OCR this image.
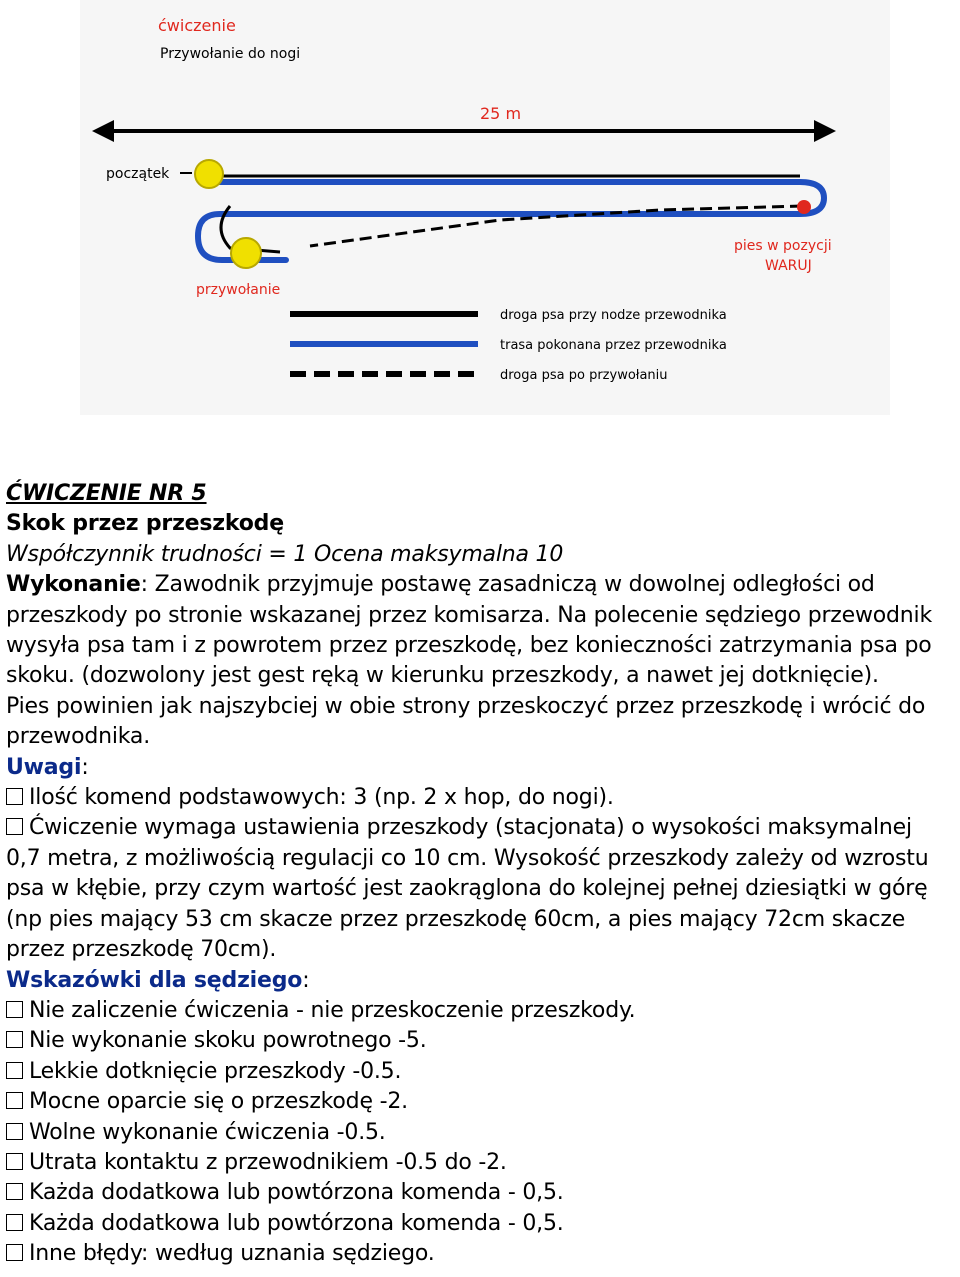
ćwiczenie
Przywołanie do nogi
25 m
początek
przywołanie
pies w pozycji
WARUJ
droga psa przy nodze przewodnika
trasa pokonana przez przewodnika
droga psa po przywołaniu

ĆWICZENIE NR 5

Skok przez przeszkodę

Współczynnik trudności = 1 Ocena maksymalna 10

Wykonanie: Zawodnik przyjmuje postawę zasadniczą w dowolnej odległości od

przeszkody po stronie wskazanej przez komisarza. Na polecenie sędziego przewodnik

wysyła psa tam i z powrotem przez przeszkodę, bez konieczności zatrzymania psa po

skoku. (dozwolony jest gest ręką w kierunku przeszkody, a nawet jej dotknięcie).

Pies powinien jak najszybciej w obie strony przeskoczyć przez przeszkodę i wrócić do

przewodnika.

Uwagi:

Ilość komend podstawowych: 3 (np. 2 x hop, do nogi).

Ćwiczenie wymaga ustawienia przeszkody (stacjonata) o wysokości maksymalnej

0,7 metra, z możliwością regulacji co 10 cm. Wysokość przeszkody zależy od wzrostu

psa w kłębie, przy czym wartość jest zaokrąglona do kolejnej pełnej dziesiątki w górę

(np pies mający 53 cm skacze przez przeszkodę 60cm, a pies mający 72cm skacze

przez przeszkodę 70cm).

Wskazówki dla sędziego:

Nie zaliczenie ćwiczenia - nie przeskoczenie przeszkody.

Nie wykonanie skoku powrotnego -5.

Lekkie dotknięcie przeszkody -0.5.

Mocne oparcie się o przeszkodę -2.

Wolne wykonanie ćwiczenia -0.5.

Utrata kontaktu z przewodnikiem -0.5 do -2.

Każda dodatkowa lub powtórzona komenda - 0,5.

Każda dodatkowa lub powtórzona komenda - 0,5.

Inne błędy: według uznania sędziego.
